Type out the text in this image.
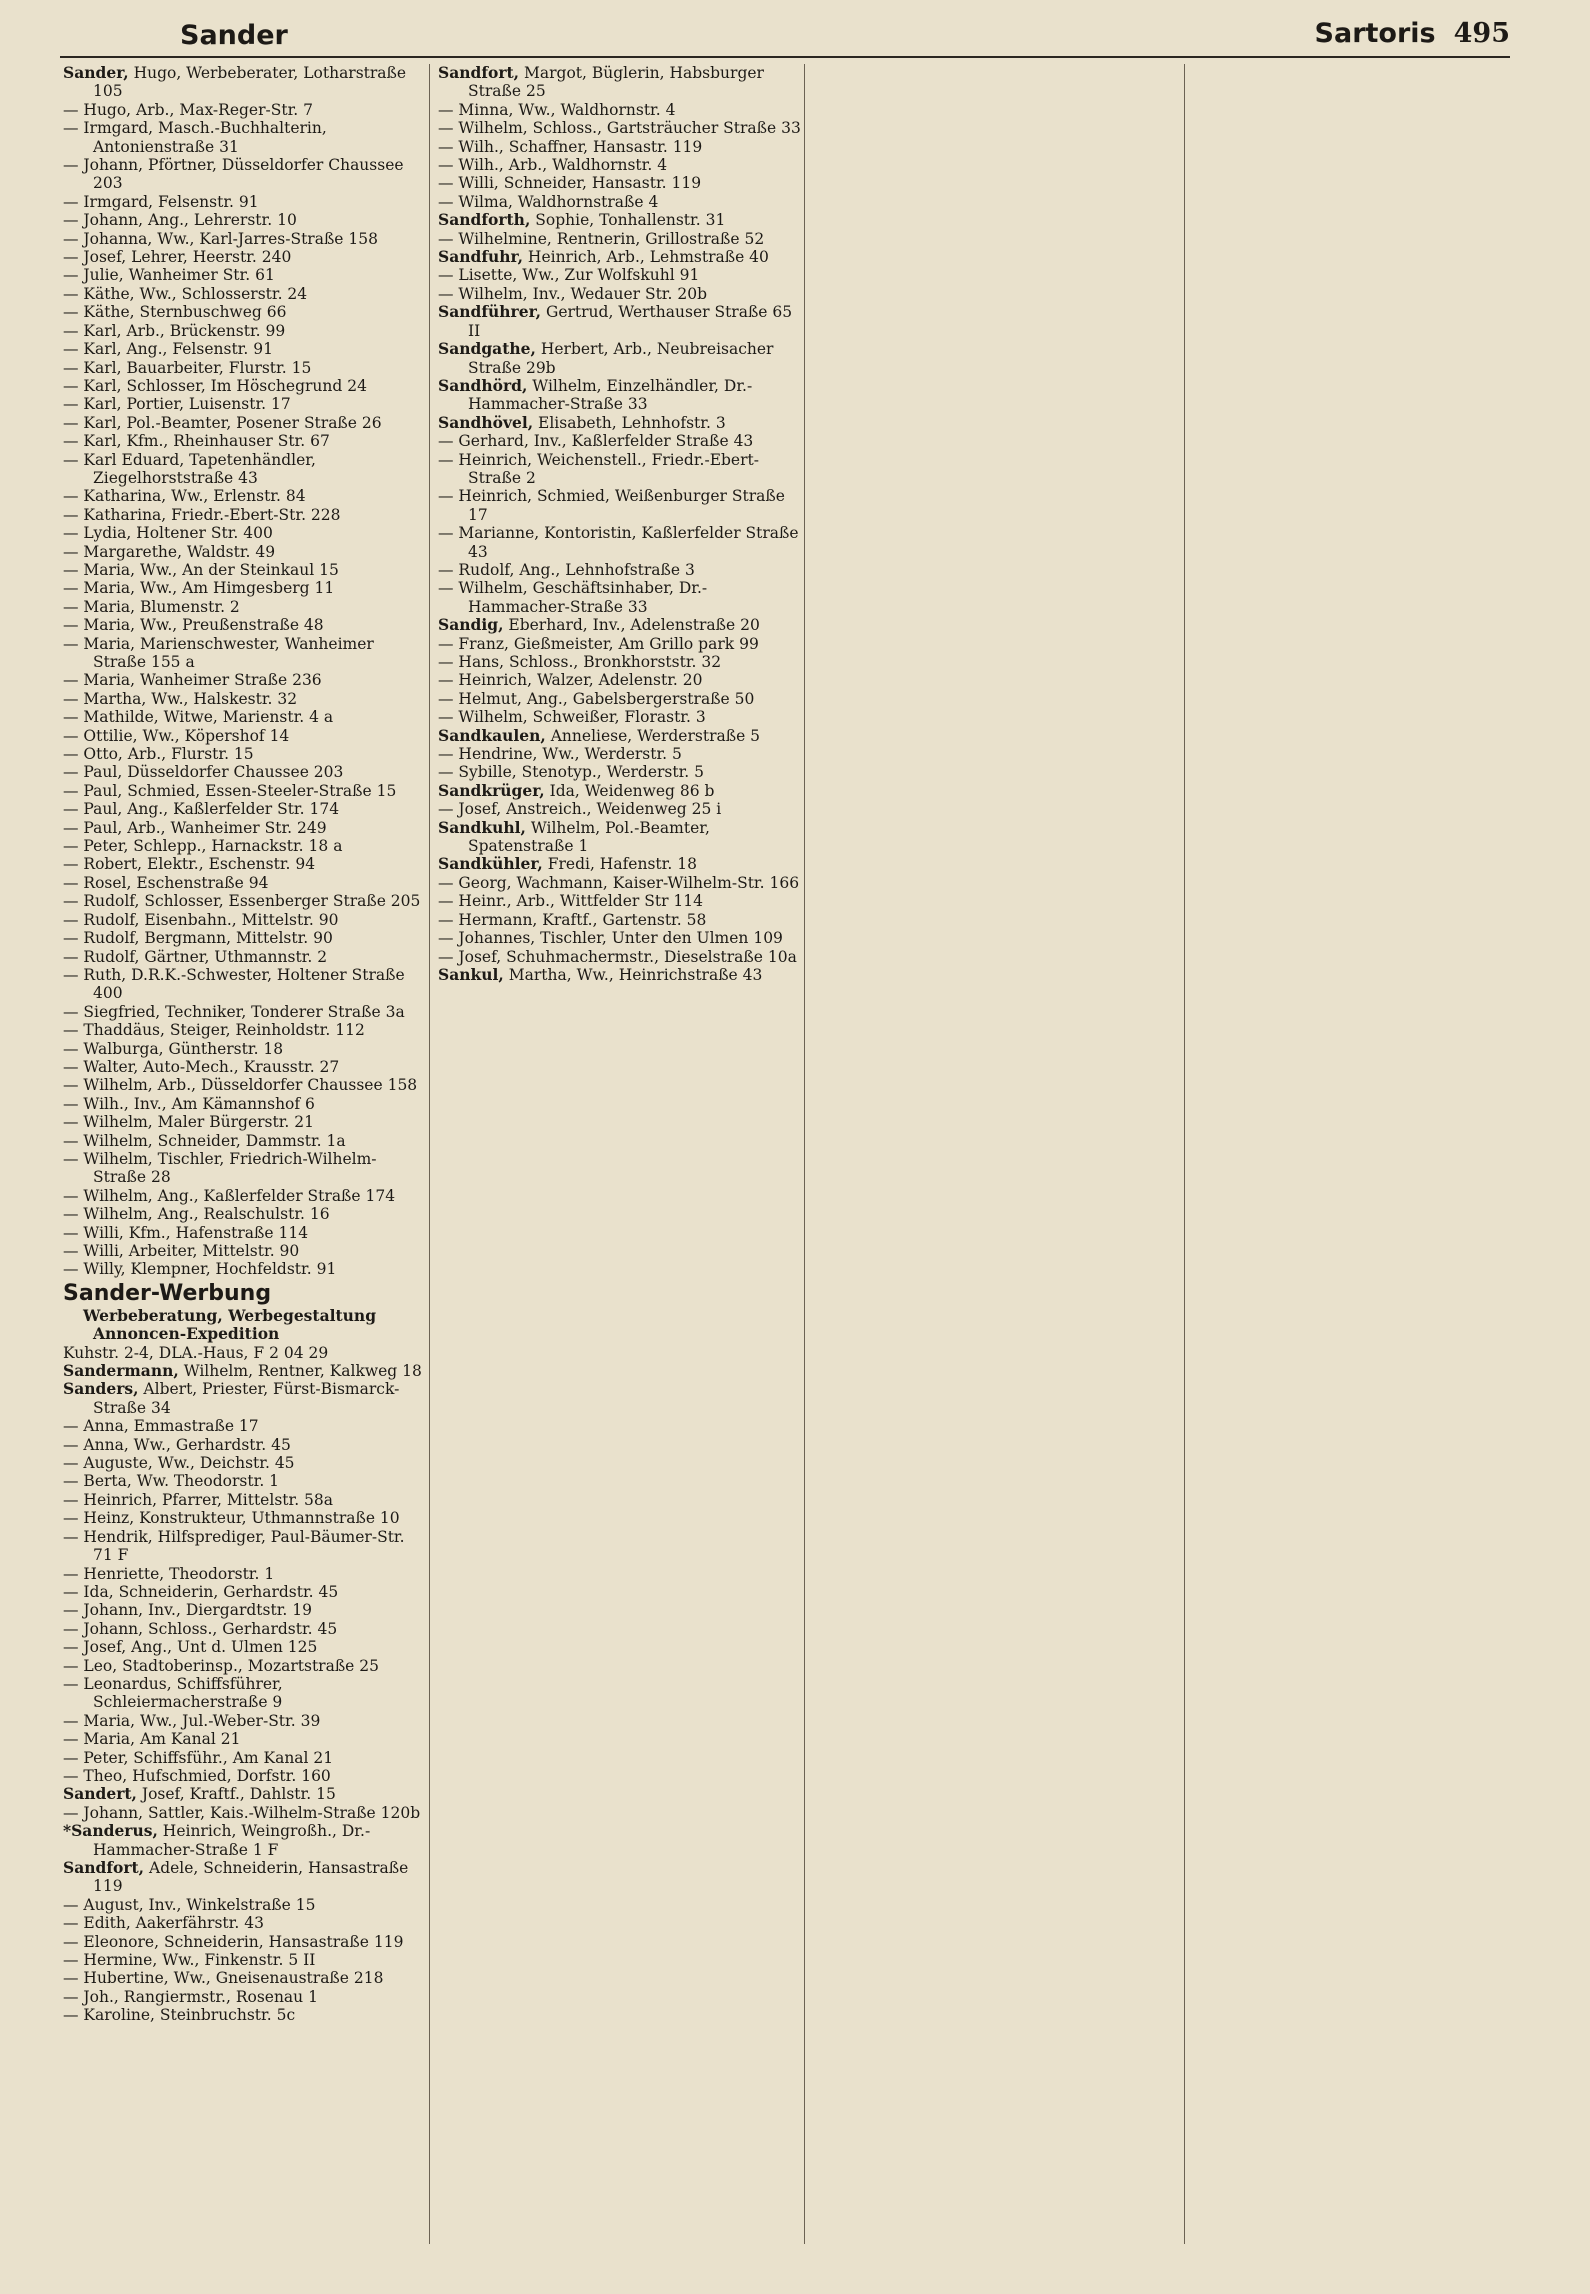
Sander	Sartoris 495
Sander, Hugo, Werbeberater, Lotharstraße 105
— Hugo, Arb., Max-Reger-Str. 7
— Irmgard, Masch.-Buchhalterin, Antonienstraße 31
— Johann, Pförtner, Düsseldorfer Chaussee 203
— Irmgard, Felsenstr. 91
— Johann, Ang., Lehrerstr. 10
— Johanna, Ww., Karl-Jarres-Straße 158
— Josef, Lehrer, Heerstr. 240
— Julie, Wanheimer Str. 61
— Käthe, Ww., Schlosserstr. 24
— Käthe, Sternbuschweg 66
— Karl, Arb., Brückenstr. 99
— Karl, Ang., Felsenstr. 91
— Karl, Bauarbeiter, Flurstr. 15
— Karl, Schlosser, Im Höschegrund 24
— Karl, Portier, Luisenstr. 17
— Karl, Pol.-Beamter, Posener Straße 26
— Karl, Kfm., Rheinhauser Str. 67
— Karl Eduard, Tapetenhändler, Ziegelhorststraße 43
— Katharina, Ww., Erlenstr. 84
— Katharina, Friedr.-Ebert-Str. 228
— Lydia, Holtener Str. 400
— Margarethe, Waldstr. 49
— Maria, Ww., An der Steinkaul 15
— Maria, Ww., Am Himgesberg 11
— Maria, Blumenstr. 2
— Maria, Ww., Preußenstraße 48
— Maria, Marienschwester, Wanheimer Straße 155 a
— Maria, Wanheimer Straße 236
— Martha, Ww., Halskestr. 32
— Mathilde, Witwe, Marienstr. 4 a
— Ottilie, Ww., Köpershof 14
— Otto, Arb., Flurstr. 15
— Paul, Düsseldorfer Chaussee 203
— Paul, Schmied, Essen-Steeler-Straße 15
— Paul, Ang., Kaßlerfelder Str. 174
— Paul, Arb., Wanheimer Str. 249
— Peter, Schlepp., Harnackstr. 18 a
— Robert, Elektr., Eschenstr. 94
— Rosel, Eschenstraße 94
— Rudolf, Schlosser, Essenberger Straße 205
— Rudolf, Eisenbahn., Mittelstr. 90
— Rudolf, Bergmann, Mittelstr. 90
— Rudolf, Gärtner, Uthmannstr. 2
— Ruth, D.R.K.-Schwester, Holtener Straße 400
— Siegfried, Techniker, Tonderer Straße 3a
— Thaddäus, Steiger, Reinholdstr. 112
— Walburga, Güntherstr. 18
— Walter, Auto-Mech., Krausstr. 27
— Wilhelm, Arb., Düsseldorfer Chaussee 158
— Wilh., Inv., Am Kämannshof 6
— Wilhelm, Maler Bürgerstr. 21
— Wilhelm, Schneider, Dammstr. 1a
— Wilhelm, Tischler, Friedrich-Wilhelm-Straße 28
— Wilhelm, Ang., Kaßlerfelder Straße 174
— Wilhelm, Ang., Realschulstr. 16
— Willi, Kfm., Hafenstraße 114
— Willi, Arbeiter, Mittelstr. 90
— Willy, Klempner, Hochfeldstr. 91
Sander-Werbung
Werbeberatung, Werbegestaltung Annoncen-Expedition
Kuhstr. 2-4, DLA.-Haus, F 2 04 29
Sandermann, Wilhelm, Rentner, Kalkweg 18
Sanders, Albert, Priester, Fürst-Bismarck-Straße 34
— Anna, Emmastraße 17
— Anna, Ww., Gerhardstr. 45
— Auguste, Ww., Deichstr. 45
— Berta, Ww. Theodorstr. 1
— Heinrich, Pfarrer, Mittelstr. 58a
— Heinz, Konstrukteur, Uthmannstraße 10
— Hendrik, Hilfsprediger, Paul-Bäumer-Str. 71 F
— Henriette, Theodorstr. 1
— Ida, Schneiderin, Gerhardstr. 45
— Johann, Inv., Diergardtstr. 19
— Johann, Schloss., Gerhardstr. 45
— Josef, Ang., Unt d. Ulmen 125
— Leo, Stadtoberinsp., Mozartstraße 25
— Leonardus, Schiffsführer, Schleiermacherstraße 9
— Maria, Ww., Jul.-Weber-Str. 39
— Maria, Am Kanal 21
— Peter, Schiffsführ., Am Kanal 21
— Theo, Hufschmied, Dorfstr. 160
Sandert, Josef, Kraftf., Dahlstr. 15
— Johann, Sattler, Kais.-Wilhelm-Straße 120b
*Sanderus, Heinrich, Weingroßh., Dr.-Hammacher-Straße 1 F
Sandfort, Adele, Schneiderin, Hansastraße 119
— August, Inv., Winkelstraße 15
— Edith, Aakerfährstr. 43
— Eleonore, Schneiderin, Hansastraße 119
— Hermine, Ww., Finkenstr. 5 II
— Hubertine, Ww., Gneisenaustraße 218
— Joh., Rangiermstr., Rosenau 1
— Karoline, Steinbruchstr. 5c
Sandfort, Margot, Büglerin, Habsburger Straße 25
— Minna, Ww., Waldhornstr. 4
— Wilhelm, Schloss., Gartsträucher Straße 33
— Wilh., Schaffner, Hansastr. 119
— Wilh., Arb., Waldhornstr. 4
— Willi, Schneider, Hansastr. 119
— Wilma, Waldhornstraße 4
Sandforth, Sophie, Tonhallenstr. 31
— Wilhelmine, Rentnerin, Grillostraße 52
Sandfuhr, Heinrich, Arb., Lehmstraße 40
— Lisette, Ww., Zur Wolfskuhl 91
— Wilhelm, Inv., Wedauer Str. 20b
Sandführer, Gertrud, Werthauser Straße 65 II
Sandgathe, Herbert, Arb., Neubreisacher Straße 29b
Sandhörd, Wilhelm, Einzelhändler, Dr.-Hammacher-Straße 33
Sandhövel, Elisabeth, Lehnhofstr. 3
— Gerhard, Inv., Kaßlerfelder Straße 43
— Heinrich, Weichenstell., Friedr.-Ebert-Straße 2
— Heinrich, Schmied, Weißenburger Straße 17
— Marianne, Kontoristin, Kaßlerfelder Straße 43
— Rudolf, Ang., Lehnhofstraße 3
— Wilhelm, Geschäftsinhaber, Dr.-Hammacher-Straße 33
Sandig, Eberhard, Inv., Adelenstraße 20
— Franz, Gießmeister, Am Grillo park 99
— Hans, Schloss., Bronkhorststr. 32
— Heinrich, Walzer, Adelenstr. 20
— Helmut, Ang., Gabelsbergerstraße 50
— Wilhelm, Schweißer, Florastr. 3
Sandkaulen, Anneliese, Werderstraße 5
— Hendrine, Ww., Werderstr. 5
— Sybille, Stenotyp., Werderstr. 5
Sandkrüger, Ida, Weidenweg 86 b
— Josef, Anstreich., Weidenweg 25 i
Sandkuhl, Wilhelm, Pol.-Beamter, Spatenstraße 1
Sandkühler, Fredi, Hafenstr. 18
— Georg, Wachmann, Kaiser-Wilhelm-Str. 166
— Heinr., Arb., Wittfelder Str 114
— Hermann, Kraftf., Gartenstr. 58
— Johannes, Tischler, Unter den Ulmen 109
— Josef, Schuhmachermstr., Dieselstraße 10a
Sankul, Martha, Ww., Heinrichstraße 43
